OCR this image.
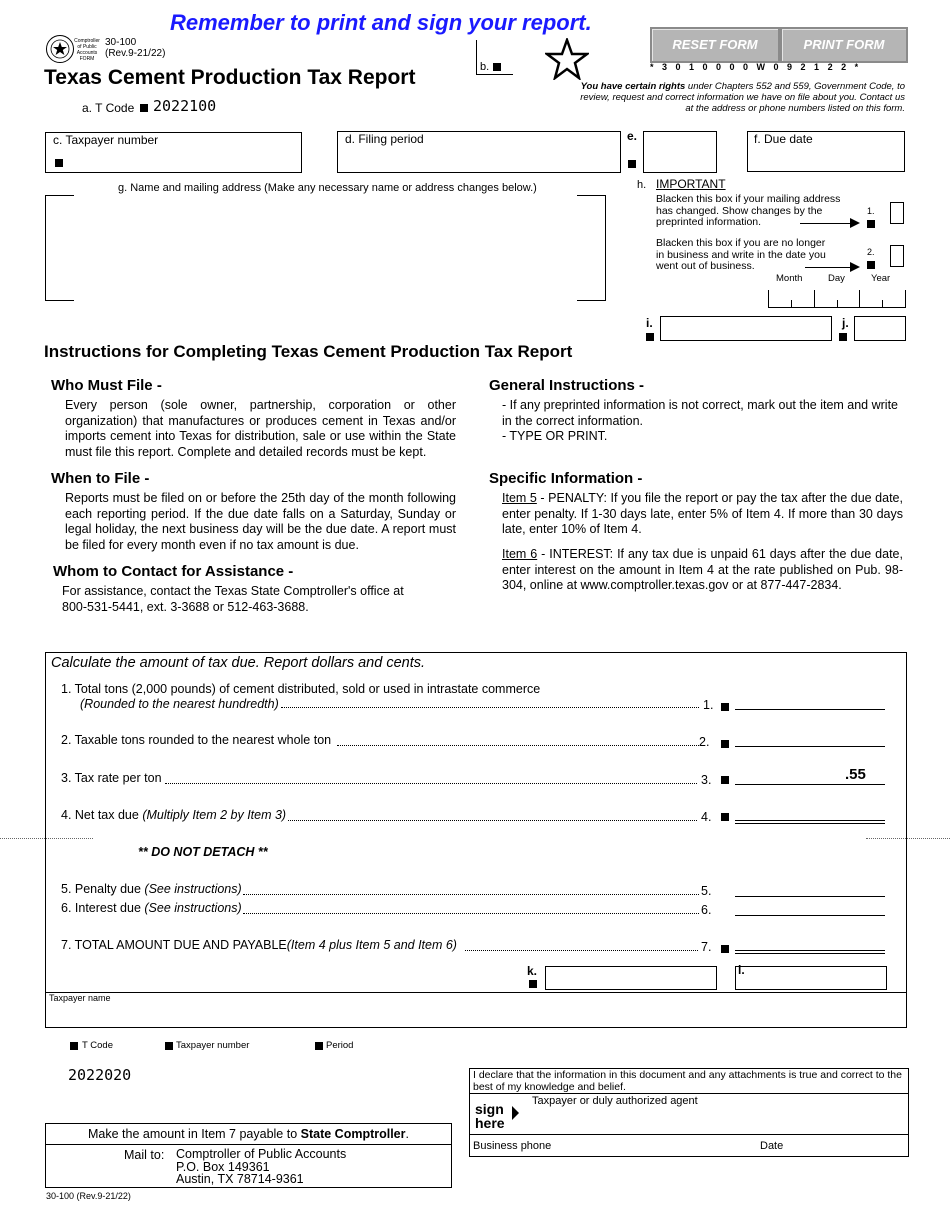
Remember to print and sign your report.
Comptroller of Public Accounts FORM
30-100
(Rev.9-21/22)
Texas Cement Production Tax Report
a. T Code 2022100
b.
RESET FORM	PRINT FORM
* 3 0 1 0 0 0 0 W 0 9 2 1 2 2 *
You have certain rights under Chapters 552 and 559, Government Code, to review, request and correct information we have on file about you. Contact us at the address or phone numbers listed on this form.
c. Taxpayer number	d. Filing period	e.	f. Due date
g. Name and mailing address (Make any necessary name or address changes below.)	h. IMPORTANT
Blacken this box if your mailing address has changed. Show changes by the preprinted information.
1.
Blacken this box if you are no longer in business and write in the date you went out of business.
2.
Month	Day	Year
i.	j.
Instructions for Completing Texas Cement Production Tax Report
Who Must File -
Every person (sole owner, partnership, corporation or other organization) that manufactures or produces cement in Texas and/or imports cement into Texas for distribution, sale or use within the State must file this report. Complete and detailed records must be kept.
When to File -
Reports must be filed on or before the 25th day of the month following each reporting period. If the due date falls on a Saturday, Sunday or legal holiday, the next business day will be the due date. A report must be filed for every month even if no tax amount is due.
Whom to Contact for Assistance -
For assistance, contact the Texas State Comptroller's office at 800-531-5441, ext. 3-3688 or 512-463-3688.
General Instructions -
- If any preprinted information is not correct, mark out the item and write in the correct information.
- TYPE OR PRINT.
Specific Information -
Item 5 - PENALTY: If you file the report or pay the tax after the due date, enter penalty. If 1-30 days late, enter 5% of Item 4. If more than 30 days late, enter 10% of Item 4.
Item 6 - INTEREST: If any tax due is unpaid 61 days after the due date, enter interest on the amount in Item 4 at the rate published on Pub. 98-304, online at www.comptroller.texas.gov or at 877-447-2834.
Calculate the amount of tax due. Report dollars and cents.
1. Total tons (2,000 pounds) of cement distributed, sold or used in intrastate commerce
(Rounded to the nearest hundredth)	1.
2. Taxable tons rounded to the nearest whole ton	2.
3. Tax rate per ton	3.	.55
4. Net tax due (Multiply Item 2 by Item 3)	4.
** DO NOT DETACH **
5. Penalty due (See instructions)	5.
6. Interest due (See instructions)	6.
7. TOTAL AMOUNT DUE AND PAYABLE(Item 4 plus Item 5 and Item 6)	7.
k.	l.
Taxpayer name
T Code	Taxpayer number	Period
2022020	I declare that the information in this document and any attachments is true and correct to the best of my knowledge and belief.
sign
here
Taxpayer or duly authorized agent
Business phone	Date
Make the amount in Item 7 payable to State Comptroller.
Mail to: Comptroller of Public Accounts
P.O. Box 149361
Austin, TX 78714-9361
30-100 (Rev.9-21/22)
